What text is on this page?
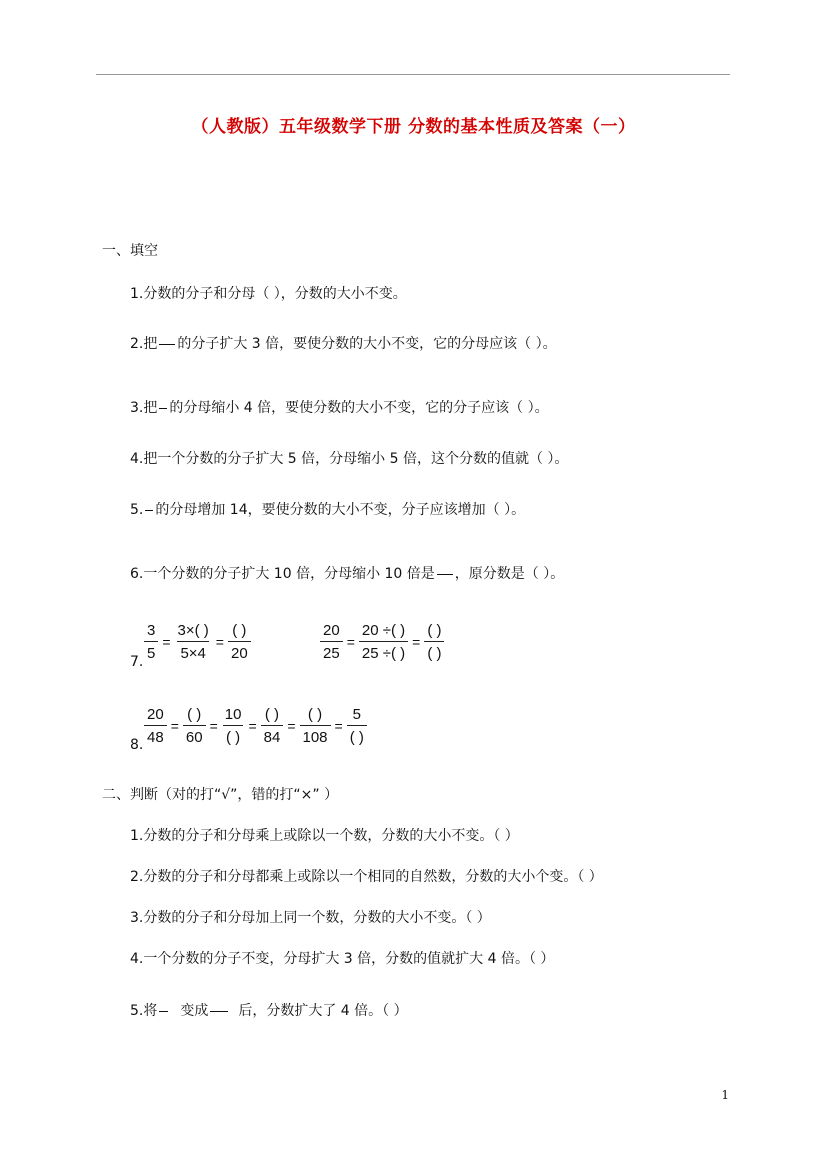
（人教版）五年级数学下册 分数的基本性质及答案（一）
一、填空
1.分数的分子和分母（ ），分数的大小不变。
2.把 的分子扩大 3 倍，要使分数的大小不变，它的分母应该（ ）。
3.把 的分母缩小 4 倍，要使分数的大小不变，它的分子应该（ ）。
4.把一个分数的分子扩大 5 倍，分母缩小 5 倍，这个分数的值就（ ）。
5. 的分母增加 14，要使分数的大小不变，分子应该增加（ ）。
6.一个分数的分子扩大 10 倍，分母缩小 10 倍是 ，原分数是（ ）。
7. $\frac{3}{5} = \frac{3\times( )}{5\times 4} = \frac{( )}{20}$	$\frac{20}{25} = \frac{20 \div( )}{25 \div( )} = \frac{( )}{( )}$
8. $\frac{20}{48} = \frac{( )}{60} = \frac{10}{( )} = \frac{( )}{84} = \frac{( )}{108} = \frac{5}{( )}$
二、判断（对的打“√”，错的打“×” ）
1.分数的分子和分母乘上或除以一个数，分数的大小不变。（ ）
2.分数的分子和分母都乘上或除以一个相同的自然数，分数的大小个变。（ ）
3.分数的分子和分母加上同一个数，分数的大小不变。（ ）
4.一个分数的分子不变，分母扩大 3 倍，分数的值就扩大 4 倍。（ ）
5.将 变成 后，分数扩大了 4 倍。（ ）
1
